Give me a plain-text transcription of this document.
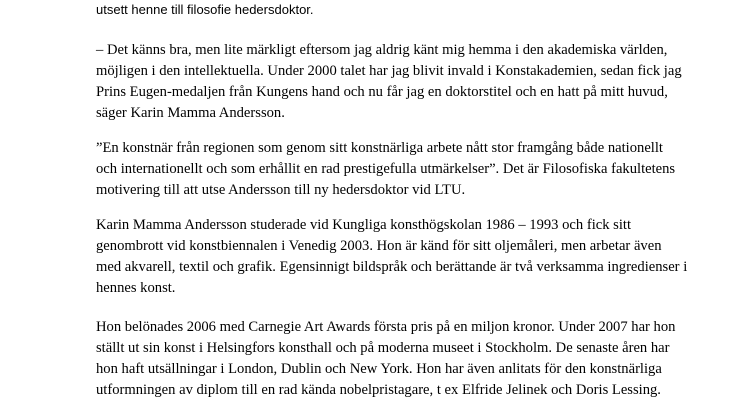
utsett henne till filosofie hedersdoktor.

– Det känns bra, men lite märkligt eftersom jag aldrig känt mig hemma i den akademiska världen,
möjligen i den intellektuella. Under 2000 talet har jag blivit invald i Konstakademien, sedan fick jag
Prins Eugen-medaljen från Kungens hand och nu får jag en doktorstitel och en hatt på mitt huvud,
säger Karin Mamma Andersson.

”En konstnär från regionen som genom sitt konstnärliga arbete nått stor framgång både nationellt
och internationellt och som erhållit en rad prestigefulla utmärkelser”. Det är Filosofiska fakultetens
motivering till att utse Andersson till ny hedersdoktor vid LTU.

Karin Mamma Andersson studerade vid Kungliga konsthögskolan 1986 – 1993 och fick sitt
genombrott vid konstbiennalen i Venedig 2003. Hon är känd för sitt oljemåleri, men arbetar även
med akvarell, textil och grafik. Egensinnigt bildspråk och berättande är två verksamma ingredienser i
hennes konst.

Hon belönades 2006 med Carnegie Art Awards första pris på en miljon kronor. Under 2007 har hon
ställt ut sin konst i Helsingfors konsthall och på moderna museet i Stockholm. De senaste åren har
hon haft utsällningar i London, Dublin och New York. Hon har även anlitats för den konstnärliga
utformningen av diplom till en rad kända nobelpristagare, t ex Elfride Jelinek och Doris Lessing.
